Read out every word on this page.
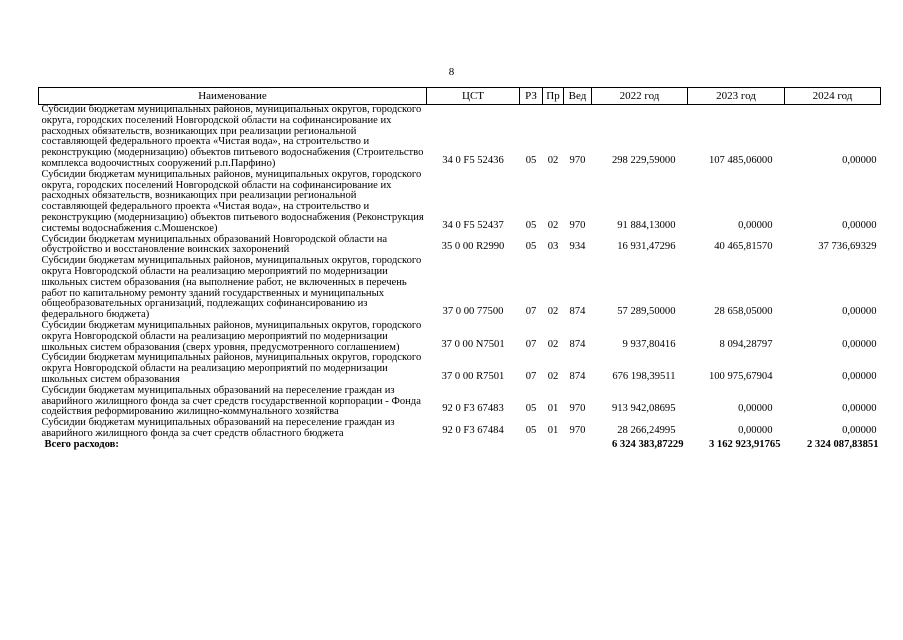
8
Наименование	ЦСТ	РЗ	Пр	Вед	2022 год	2023 год	2024 год
Субсидии бюджетам муниципальных районов, муниципальных округов, городского округа, городских поселений Новгородской области на софинансирование их расходных обязательств, возникающих при реализации региональной составляющей федерального проекта «Чистая вода», на строительство и реконструкцию (модернизацию) объектов питьевого водоснабжения (Строительство комплекса водоочистных сооружений р.п.Парфино)	34 0 F5 52436	05	02	970	298 229,59000	107 485,06000	0,00000
Субсидии бюджетам муниципальных районов, муниципальных округов, городского округа, городских поселений Новгородской области на софинансирование их расходных обязательств, возникающих при реализации региональной составляющей федерального проекта «Чистая вода», на строительство и реконструкцию (модернизацию) объектов питьевого водоснабжения (Реконструкция системы водоснабжения с.Мошенское)	34 0 F5 52437	05	02	970	91 884,13000	0,00000	0,00000
Субсидии бюджетам муниципальных образований Новгородской области на обустройство и восстановление воинских захоронений	35 0 00 R2990	05	03	934	16 931,47296	40 465,81570	37 736,69329
Субсидии бюджетам муниципальных районов, муниципальных округов, городского округа Новгородской области на реализацию мероприятий по модернизации школьных систем образования (на выполнение работ, не включенных в перечень работ по капитальному ремонту зданий государственных и муниципальных общеобразовательных организаций, подлежащих софинансированию из федерального бюджета)	37 0 00 77500	07	02	874	57 289,50000	28 658,05000	0,00000
Субсидии бюджетам муниципальных районов, муниципальных округов, городского округа Новгородской области на реализацию мероприятий по модернизации школьных систем образования (сверх уровня, предусмотренного соглашением)	37 0 00 N7501	07	02	874	9 937,80416	8 094,28797	0,00000
Субсидии бюджетам муниципальных районов, муниципальных округов, городского округа Новгородской области на реализацию мероприятий по модернизации школьных систем образования	37 0 00 R7501	07	02	874	676 198,39511	100 975,67904	0,00000
Субсидии бюджетам муниципальных образований на переселение граждан из аварийного жилищного фонда за счет средств государственной корпорации - Фонда содействия реформированию жилищно-коммунального хозяйства	92 0 F3 67483	05	01	970	913 942,08695	0,00000	0,00000
Субсидии бюджетам муниципальных образований на переселение граждан из аварийного жилищного фонда за счет средств областного бюджета	92 0 F3 67484	05	01	970	28 266,24995	0,00000	0,00000
Всего расходов:					6 324 383,87229	3 162 923,91765	2 324 087,83851
